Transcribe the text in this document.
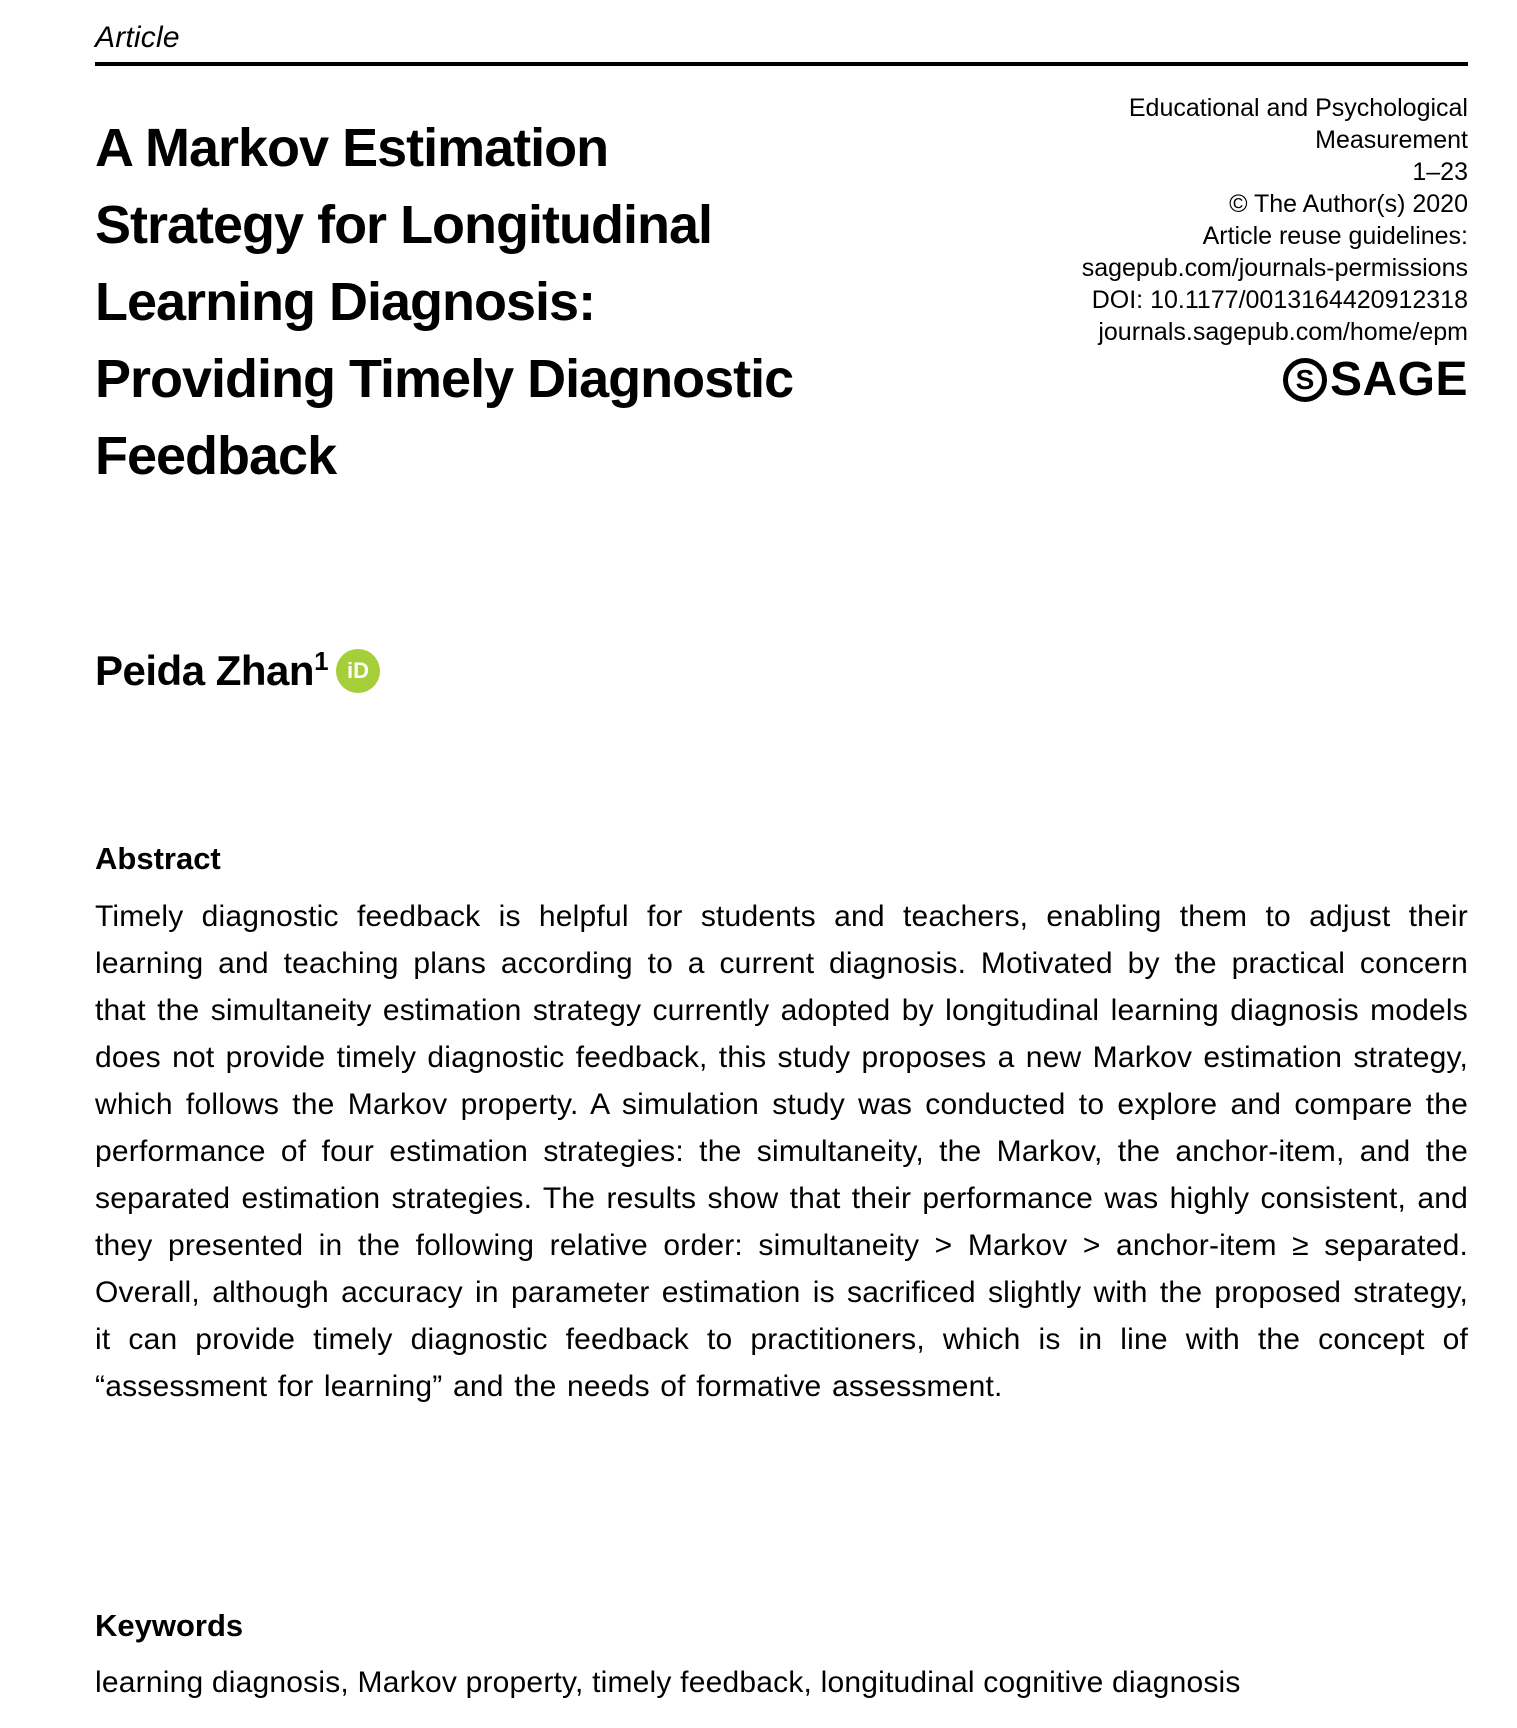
Article
A Markov Estimation
Strategy for Longitudinal
Learning Diagnosis:
Providing Timely Diagnostic
Feedback
Educational and Psychological
Measurement
1–23
© The Author(s) 2020
Article reuse guidelines:
sagepub.com/journals-permissions
DOI: 10.1177/0013164420912318
journals.sagepub.com/home/epm
S SAGE
Peida Zhan$^1$ iD
Abstract
Timely diagnostic feedback is helpful for students and teachers, enabling them to adjust their learning and teaching plans according to a current diagnosis. Motivated by the practical concern that the simultaneity estimation strategy currently adopted by longitudinal learning diagnosis models does not provide timely diagnostic feedback, this study proposes a new Markov estimation strategy, which follows the Markov property. A simulation study was conducted to explore and compare the performance of four estimation strategies: the simultaneity, the Markov, the anchor-item, and the separated estimation strategies. The results show that their performance was highly consistent, and they presented in the following relative order: simultaneity > Markov > anchor-item ≥ separated. Overall, although accuracy in parameter estimation is sacrificed slightly with the proposed strategy, it can provide timely diagnostic feedback to practitioners, which is in line with the concept of “assessment for learning” and the needs of formative assessment.
Keywords
learning diagnosis, Markov property, timely feedback, longitudinal cognitive diagnosis
